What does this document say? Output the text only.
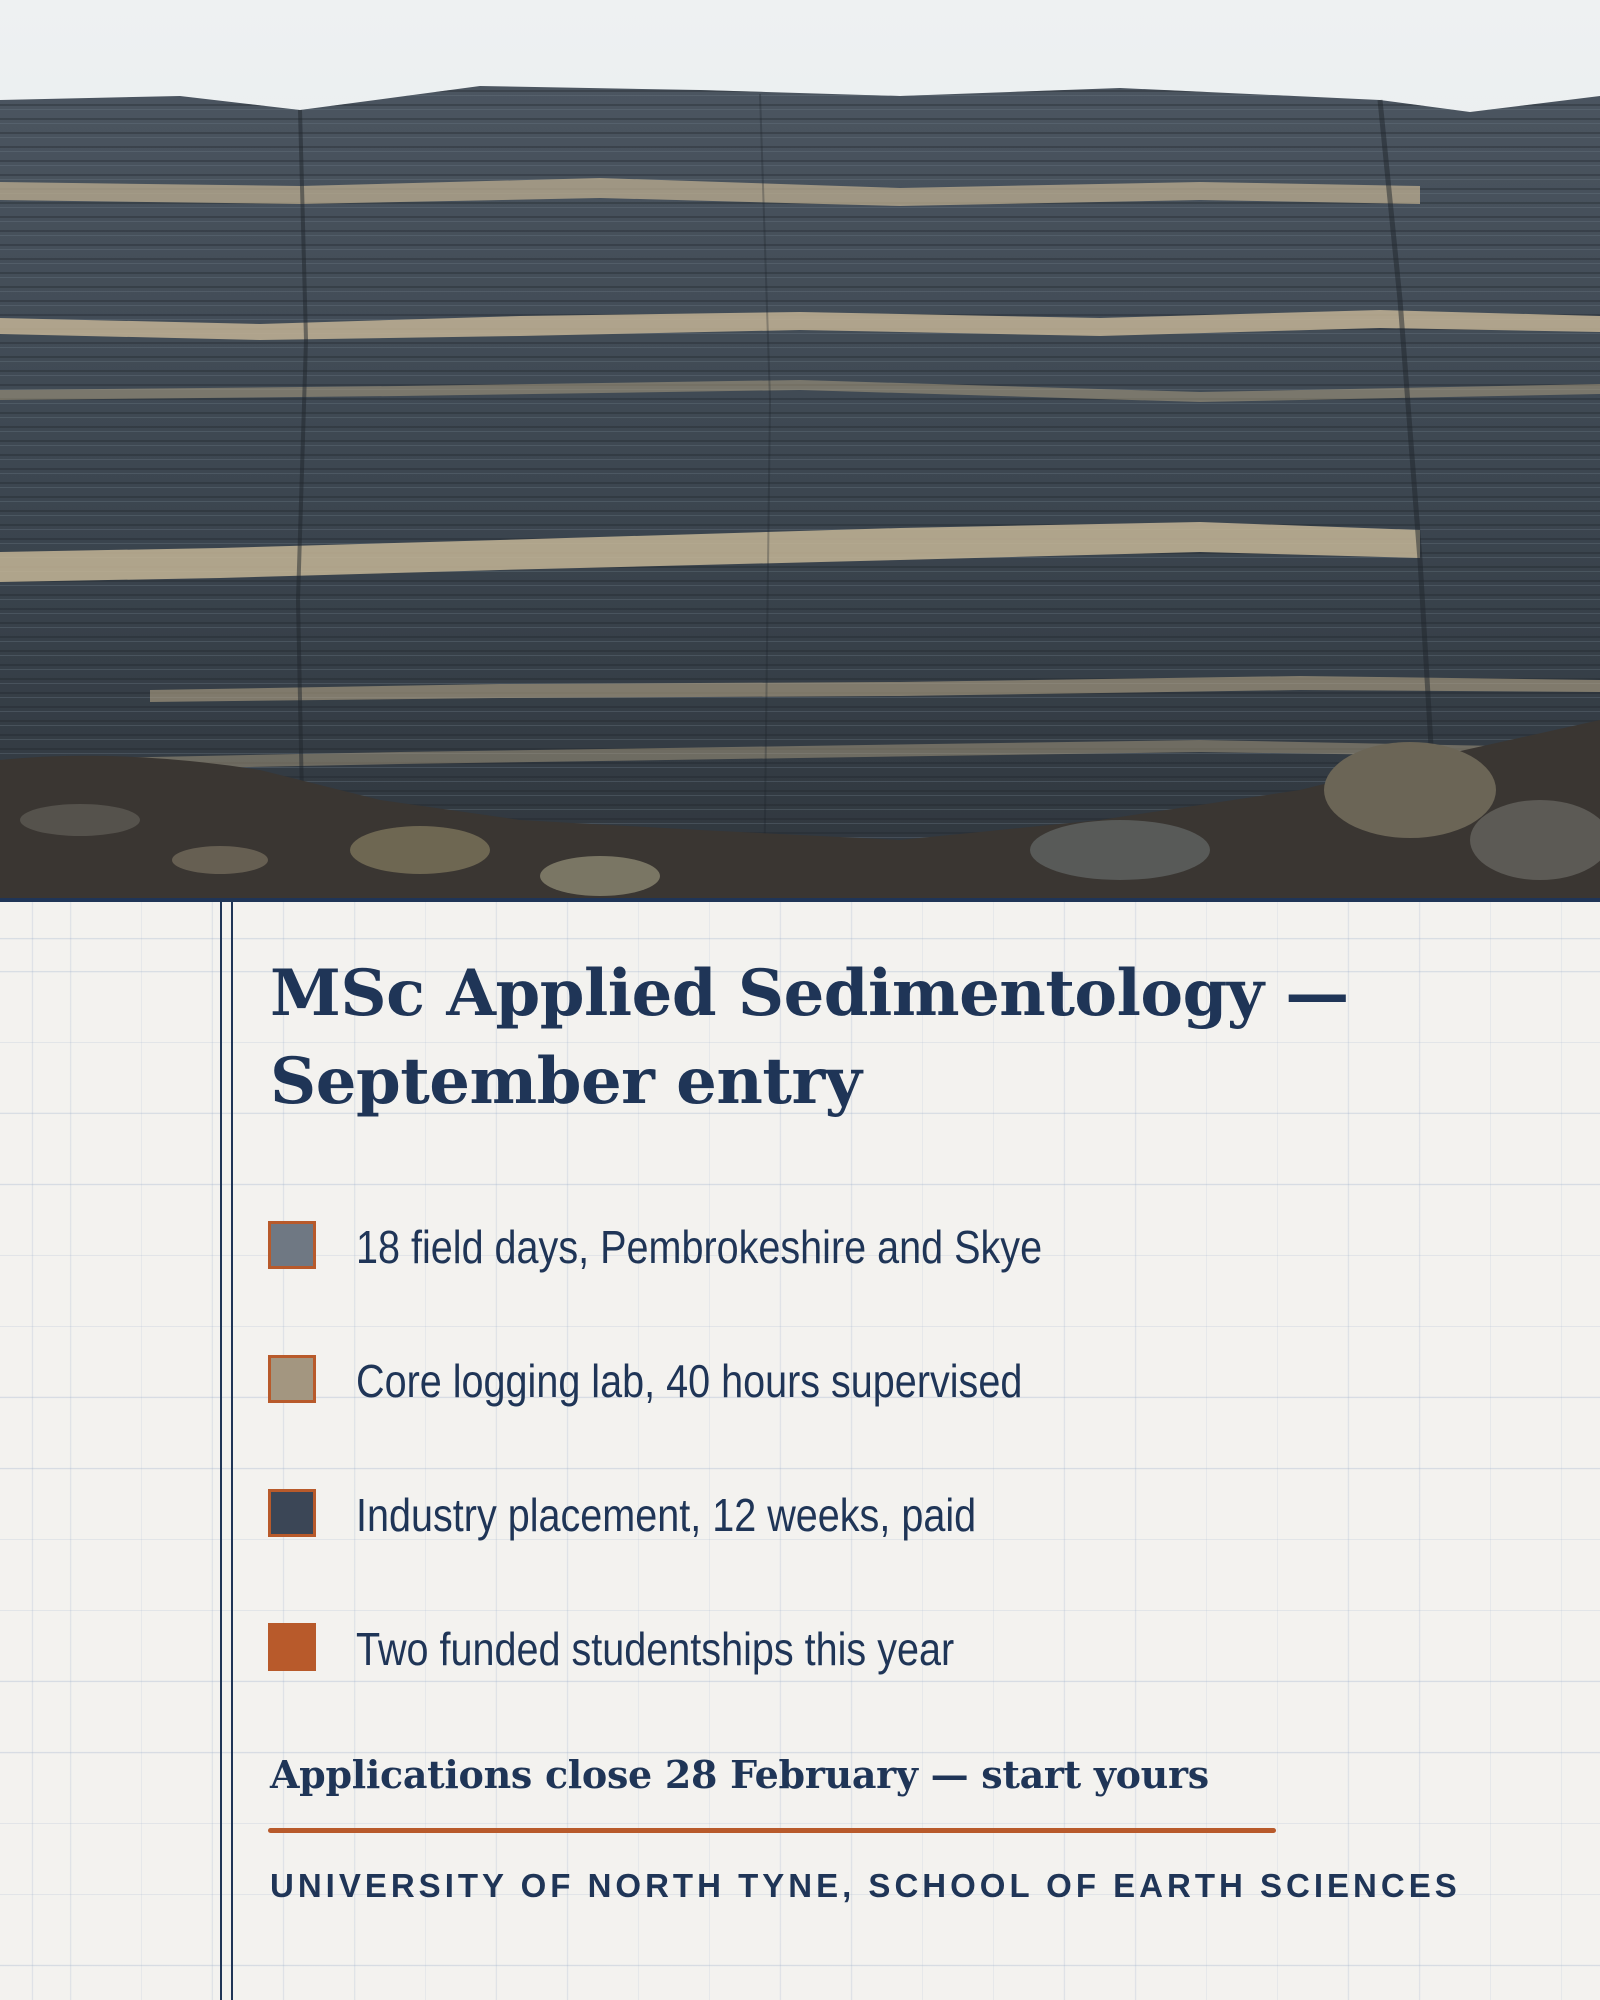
MSc Applied Sedimentology — September entry
18 field days, Pembrokeshire and Skye
Core logging lab, 40 hours supervised
Industry placement, 12 weeks, paid
Two funded studentships this year

Applications close 28 February — start yours

UNIVERSITY OF NORTH TYNE, SCHOOL OF EARTH SCIENCES
